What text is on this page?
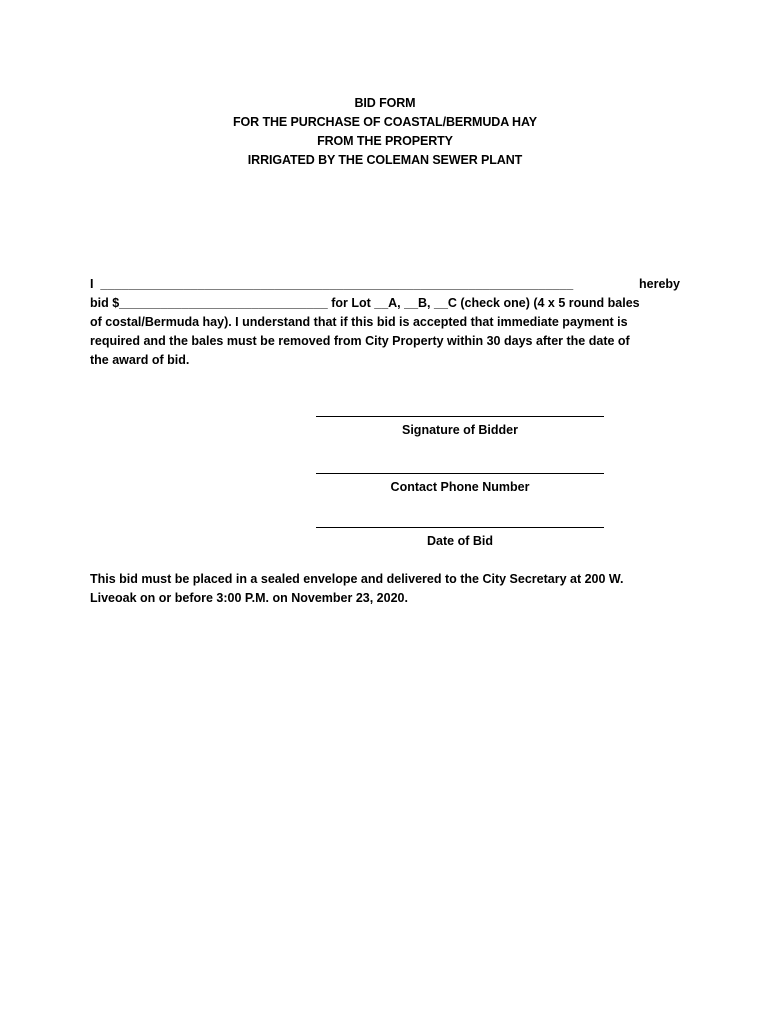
BID FORM
FOR THE PURCHASE OF COASTAL/BERMUDA HAY
FROM THE PROPERTY
IRRIGATED BY THE COLEMAN SEWER PLANT
I  ____________________________________________________________________	hereby
bid $______________________________ for Lot __A, __B, __C (check one) (4 x 5 round bales
of costal/Bermuda hay). I understand that if this bid is accepted that immediate payment is
required and the bales must be removed from City Property within 30 days after the date of
the award of bid.
Signature of Bidder
Contact Phone Number
Date of Bid
This bid must be placed in a sealed envelope and delivered to the City Secretary at 200 W.
Liveoak on or before 3:00 P.M. on November 23, 2020.
